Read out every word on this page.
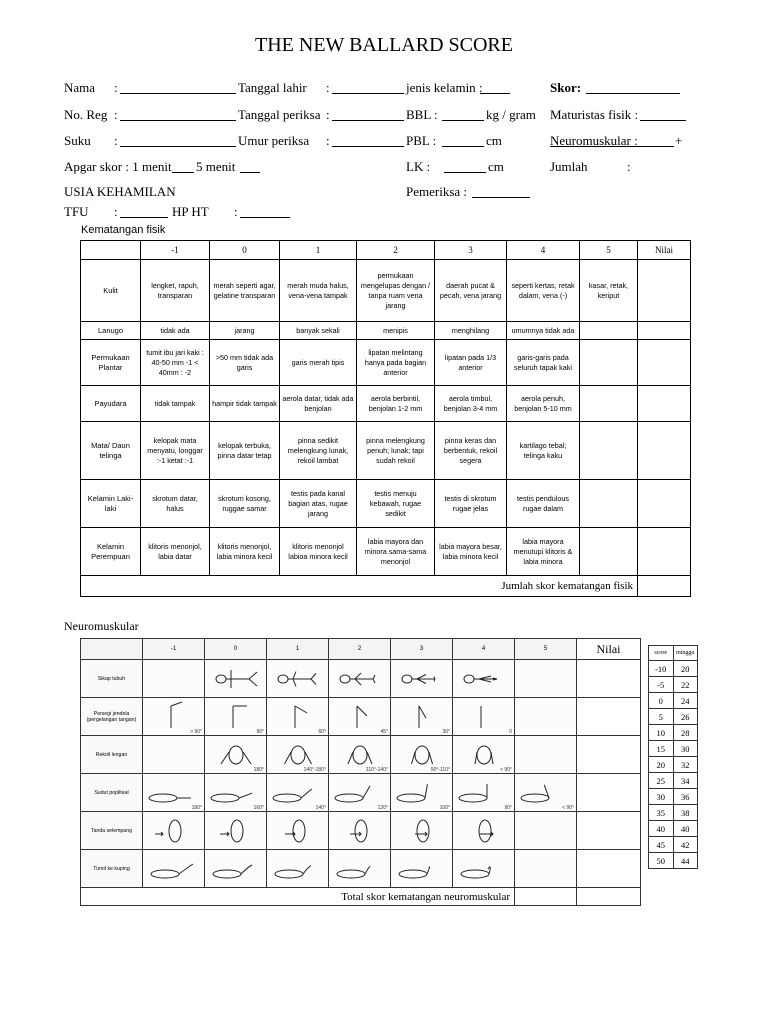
THE NEW BALLARD SCORE
Nama :	Tanggal lahir :	jenis kelamin :	Skor:
No. Reg :	Tanggal periksa :	BBL :	kg / gram Maturistas fisik :
Suku :	Umur periksa :	PBL :	cm	Neuromuskular :	+
Apgar skor : 1 menit 5 menit	LK :	cm	Jumlah	:
USIA KEHAMILAN	Pemeriksa :
TFU :	HP HT :
Kematangan fisik
	-1	0	1	2	3	4	5	Nilai
Kulit	lengket, rapuh, transparan	merah seperti agar, gelatine transparan	merah muda halus, vena-vena tampak	permukaan mengelupas dengan / tanpa ruam vena jarang	daerah pucat & pecah, vena jarang	seperti kertas, retak dalam, vena (-)	kasar, retak, keriput	
Lanugo	tidak ada	jarang	banyak sekali	menipis	menghilang	umumnya tidak ada		
Permukaan Plantar	tumit ibu jari kaki : 40-50 mm -1 < 40mm : -2	>50 mm tidak ada garis	garis merah tipis	lipatan melintang hanya pada bagian anterior	lipatan pada 1/3 anterior	garis-garis pada seluruh tapak kaki		
Payudara	tidak tampak	hampir tidak tampak	aerola datar, tidak ada benjolan	aerola berbintil, benjolan 1-2 mm	aerola timbul, benjolan 3-4 mm	aerola penuh, benjolan 5-10 mm		
Mata/ Daun telinga	kelopak mata menyatu, longgar :-1 ketat :-1	kelopak terbuka, pinna datar tetap	pinna sedikit melengkung lunak, rekoil lambat	pinna melengkung penuh; lunak; tapi sudah rekoil	pinna keras dan berbentuk, rekoil segera	kartilago tebal; telinga kaku		
Kelamin Laki-laki	skrotum datar, halus	skrotum kosong, ruggae samar	testis pada kanal bagian atas, rugae jarang	testis menuju kebawah, rugae sedikit	testis di skrotum rugae jelas	testis pendulous rugae dalam		
Kelamin Perempuan	klitoris menonjol, labia datar	klitoris menonjol, labia minora kecil	klitoris menonjol labioa minora kecil	labia mayora dan minora sama-sama menonjol	labia mayora besar, labia minora kecil	labia mayora menutupi klitoris & labia minora		
Jumlah skor kematangan fisik								
Neuromuskular
	-1	0	1	2	3	4	5	Nilai
Sikap tubuh	

Persegi jendela (pergelangan tangan)	> 90°	90°	60°	45°	30°	0		

Rekoil lengan		180°	140°-180°	110°-140°	90°-110°	< 90°		

Sudut popliteal	180°	160°	140°	120°	100°	90°	< 90°	

Tanda selempang	

Tumit ke kuping	

Total skor kematangan neuromuskular								
score	minggu
-10	20
-5	22
0	24
5	26
10	28
15	30
20	32
25	34
30	36
35	38
40	40
45	42
50	44
